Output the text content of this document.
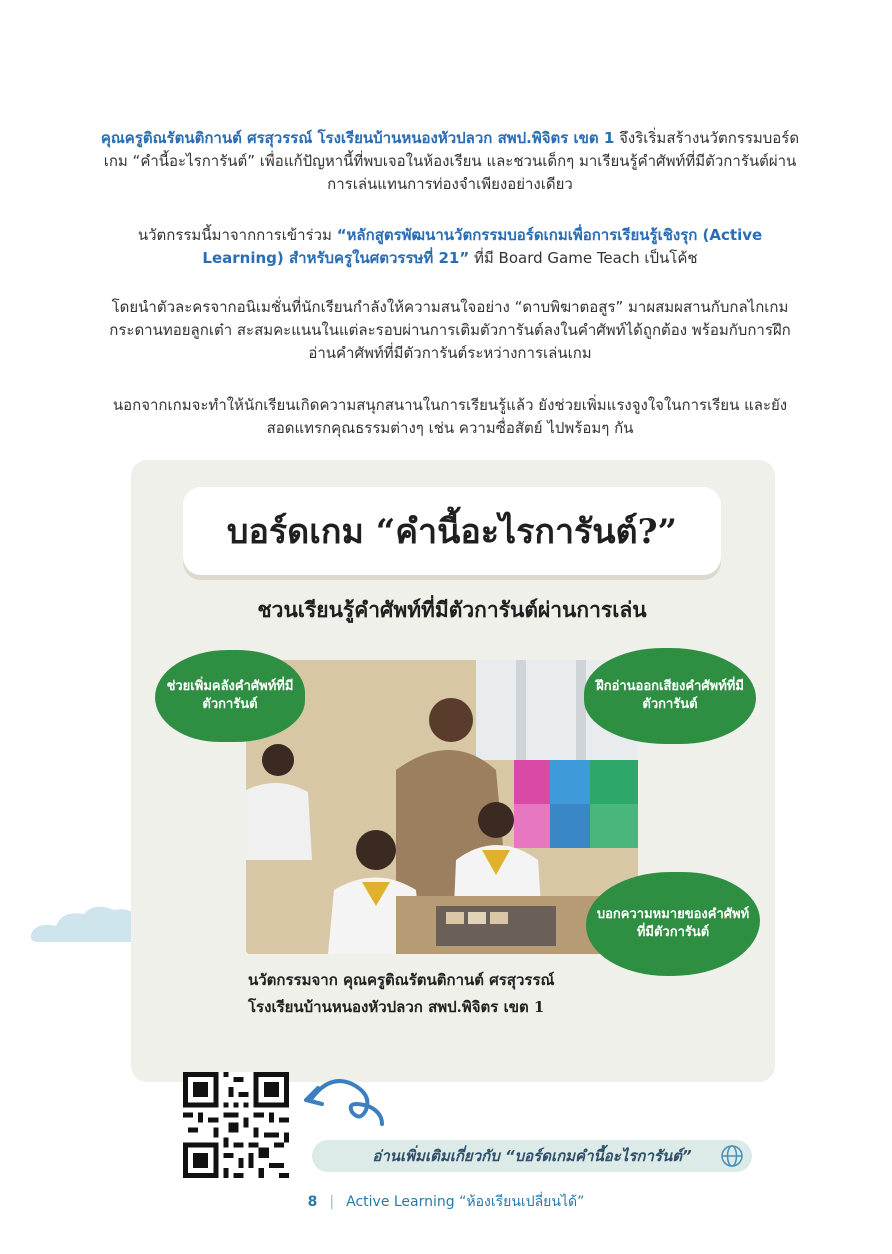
คุณครูติณรัตนติกานต์ ศรสุวรรณ์ โรงเรียนบ้านหนองหัวปลวก สพป.พิจิตร เขต 1 จึงริเริ่มสร้างนวัตกรรมบอร์ดเกม “คำนี้อะไรการันต์” เพื่อแก้ปัญหานี้ที่พบเจอในห้องเรียน และชวนเด็กๆ มาเรียนรู้คำศัพท์ที่มีตัวการันต์ผ่านการเล่นแทนการท่องจำเพียงอย่างเดียว

นวัตกรรมนี้มาจากการเข้าร่วม “หลักสูตรพัฒนานวัตกรรมบอร์ดเกมเพื่อการเรียนรู้เชิงรุก (Active Learning) สำหรับครูในศตวรรษที่ 21” ที่มี Board Game Teach เป็นโค้ช

โดยนำตัวละครจากอนิเมชั่นที่นักเรียนกำลังให้ความสนใจอย่าง “ดาบพิฆาตอสูร” มาผสมผสานกับกลไกเกมกระดานทอยลูกเต๋า สะสมคะแนนในแต่ละรอบผ่านการเติมตัวการันต์ลงในคำศัพท์ได้ถูกต้อง พร้อมกับการฝึกอ่านคำศัพท์ที่มีตัวการันต์ระหว่างการเล่นเกม

นอกจากเกมจะทำให้นักเรียนเกิดความสนุกสนานในการเรียนรู้แล้ว ยังช่วยเพิ่มแรงจูงใจในการเรียน และยังสอดแทรกคุณธรรมต่างๆ เช่น ความซื่อสัตย์ ไปพร้อมๆ กัน

บอร์ดเกม “คำนี้อะไรการันต์?”
ชวนเรียนรู้คำศัพท์ที่มีตัวการันต์ผ่านการเล่น
ช่วยเพิ่มคลังคำศัพท์ที่มีตัวการันต์
ฝึกอ่านออกเสียงคำศัพท์ที่มีตัวการันต์
บอกความหมายของคำศัพท์ที่มีตัวการันต์
นวัตกรรมจาก คุณครูติณรัตนติกานต์ ศรสุวรรณ์
โรงเรียนบ้านหนองหัวปลวก สพป.พิจิตร เขต 1
อ่านเพิ่มเติมเกี่ยวกับ “บอร์ดเกมคำนี้อะไรการันต์”
8 | Active Learning “ห้องเรียนเปลี่ยนได้”
